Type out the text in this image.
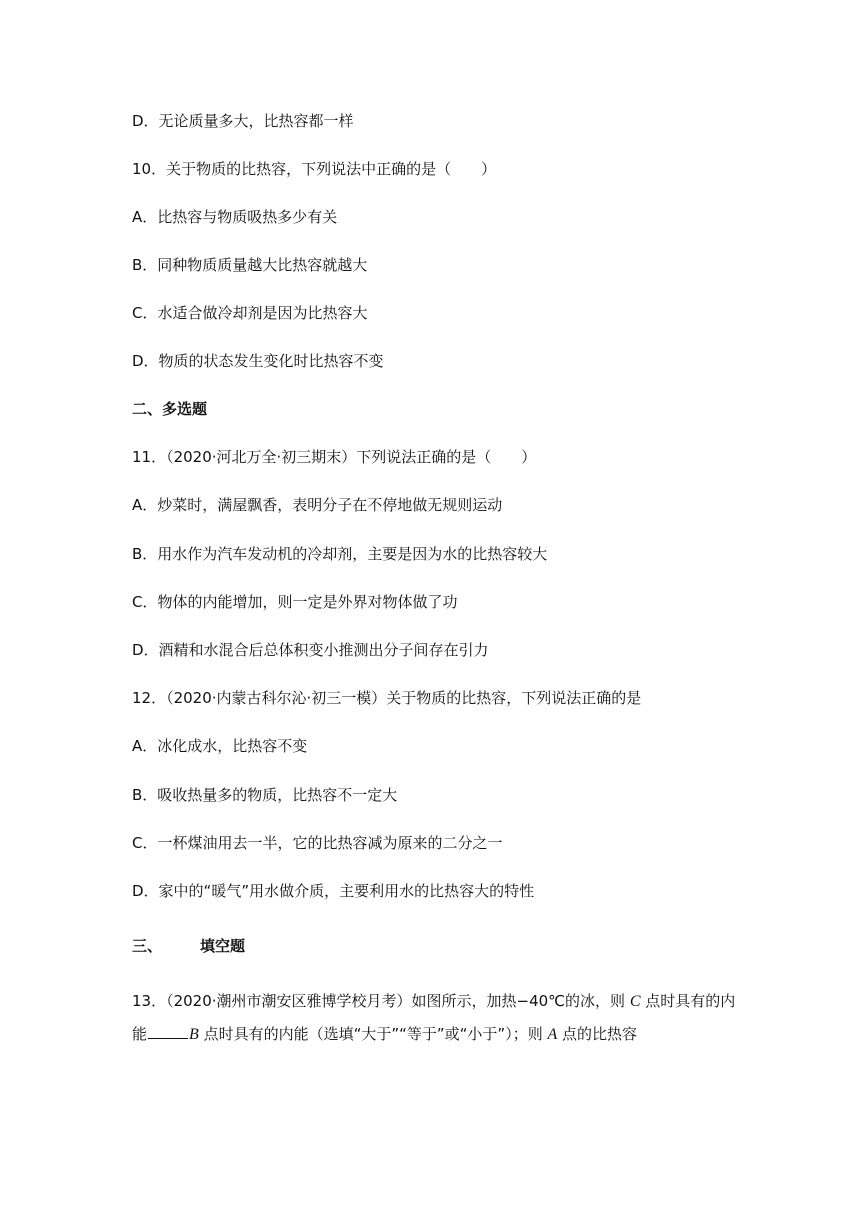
D．无论质量多大，比热容都一样
10．关于物质的比热容，下列说法中正确的是（　　）
A．比热容与物质吸热多少有关
B．同种物质质量越大比热容就越大
C．水适合做冷却剂是因为比热容大
D．物质的状态发生变化时比热容不变
二、多选题
11．（2020·河北万全·初三期末）下列说法正确的是（　　）
A．炒菜时，满屋飘香，表明分子在不停地做无规则运动
B．用水作为汽车发动机的冷却剂，主要是因为水的比热容较大
C．物体的内能增加，则一定是外界对物体做了功
D．酒精和水混合后总体积变小推测出分子间存在引力
12．（2020·内蒙古科尔沁·初三一模）关于物质的比热容，下列说法正确的是
A．冰化成水，比热容不变
B．吸收热量多的物质，比热容不一定大
C．一杯煤油用去一半，它的比热容减为原来的二分之一
D．家中的“暖气”用水做介质，主要利用水的比热容大的特性
三、	填空题
13．（2020·潮州市潮安区雅博学校月考）如图所示，加热−40℃的冰，则 C 点时具有的内
能	B 点时具有的内能（选填“大于”“等于”或“小于”）；则 A 点的比热容
